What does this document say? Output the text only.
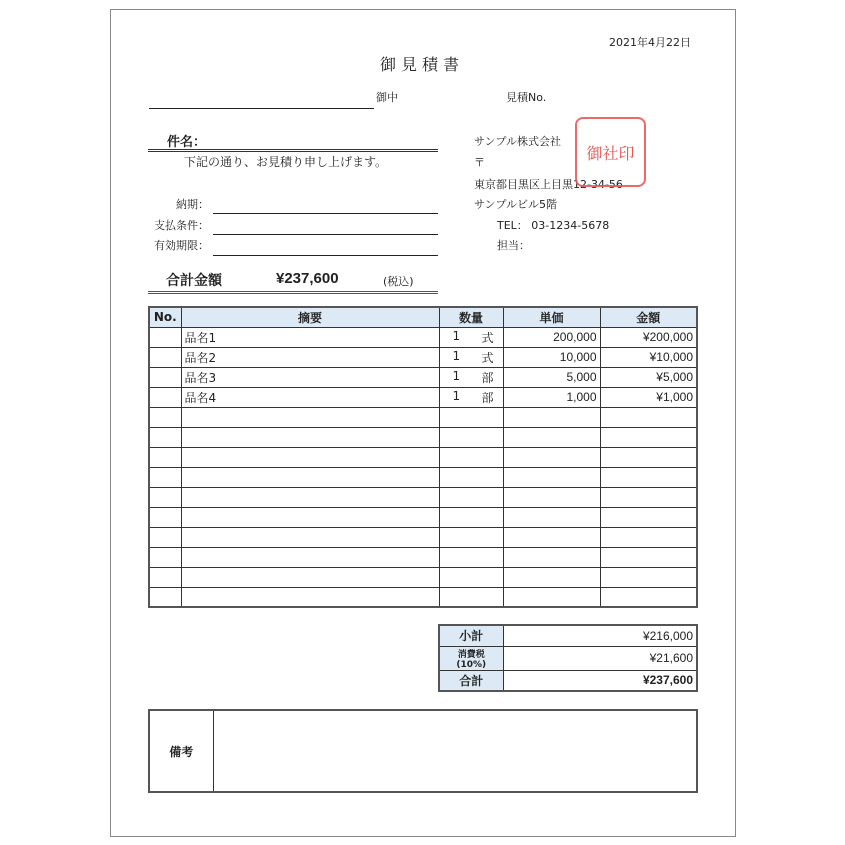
2021年4月22日
御見積書
御中	見積No.
件名：
下記の通り、お見積り申し上げます。
納期：
支払条件：
有効期限：
合計金額	¥237,600	(税込)
サンプル株式会社
〒
東京都目黒区上目黒12-34-56
サンプルビル5階
TEL： 03-1234-5678
担当：
御社印
No.	摘要	数量	単価	金額
	品名1	1 式	200,000	¥200,000
	品名2	1 式	10,000	¥10,000
	品名3	1 部	5,000	¥5,000
	品名4	1 部	1,000	¥1,000

小計	¥216,000
消費税(10%)	¥21,600
合計	¥237,600
備考	
